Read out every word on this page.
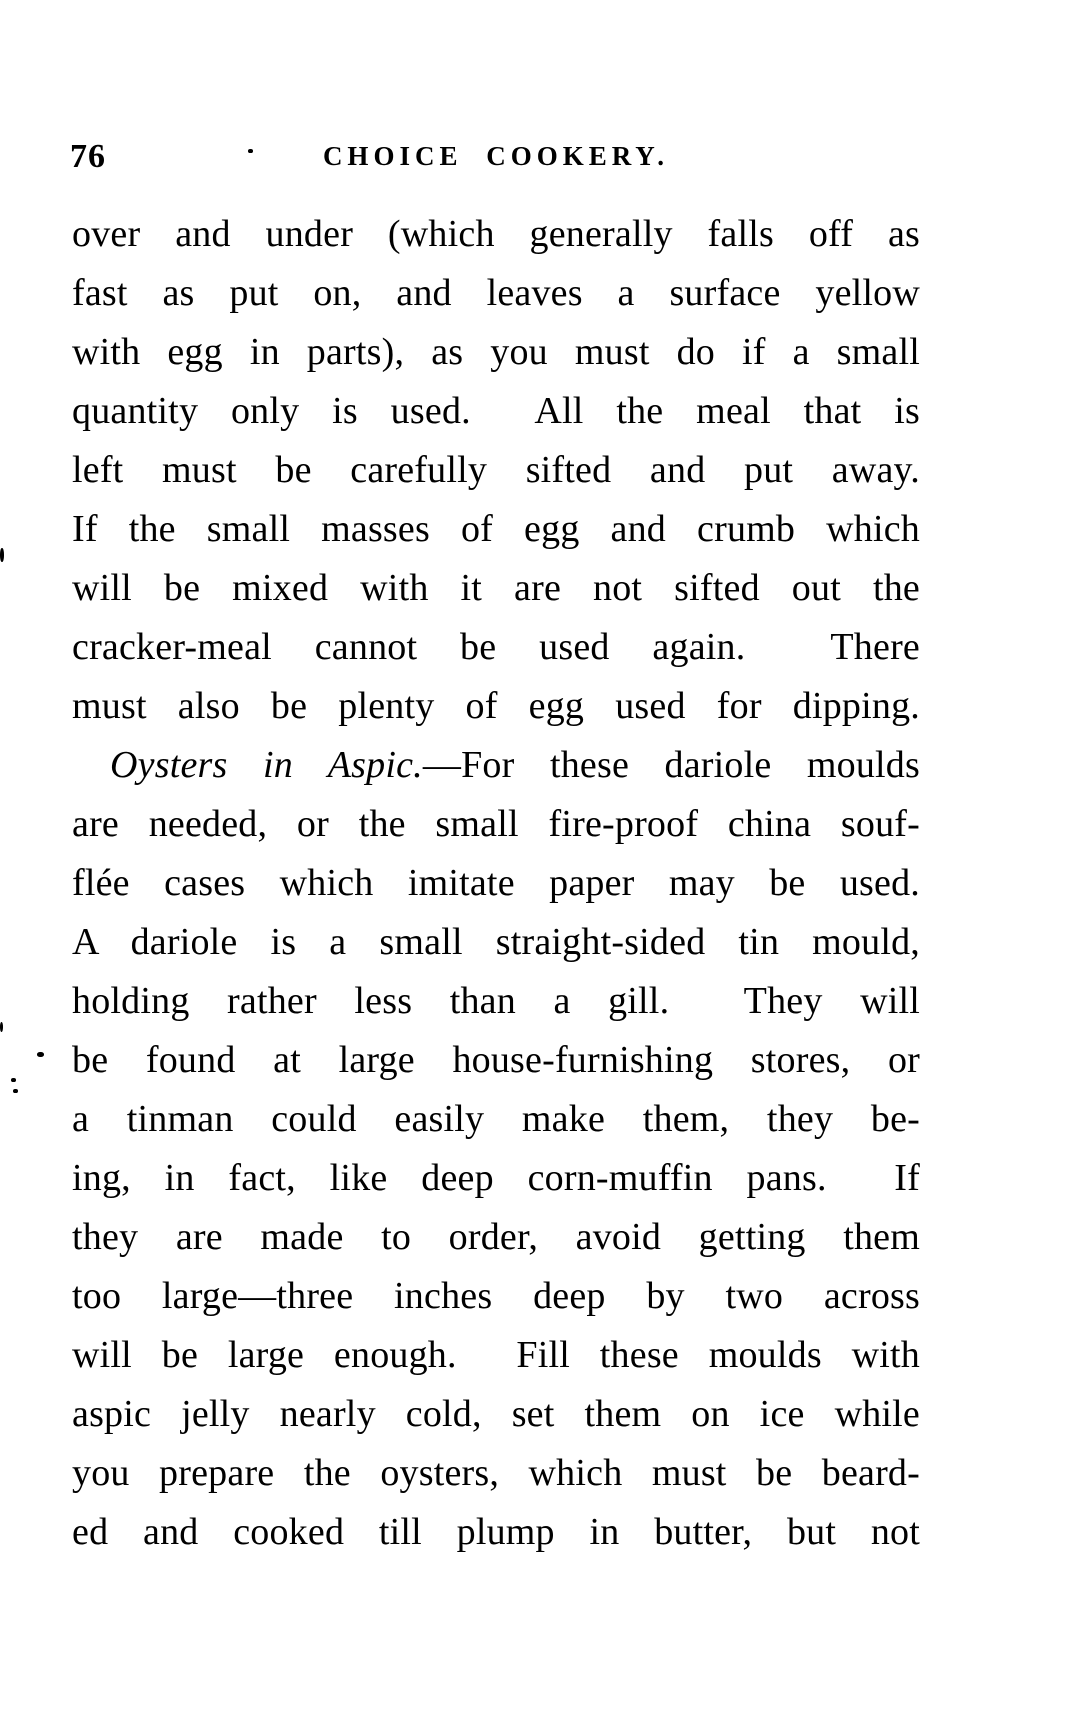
76	CHOICE COOKERY.
over and under (which generally falls off as
fast as put on, and leaves a surface yellow
with egg in parts), as you must do if a small
quantity only is used.  All the meal that is
left must be carefully sifted and put away.
If the small masses of egg and crumb which
will be mixed with it are not sifted out the
cracker-meal cannot be used again.  There
must also be plenty of egg used for dipping.
Oysters in Aspic.—For these dariole moulds
are needed, or the small fire-proof china souf-
flée cases which imitate paper may be used.
A dariole is a small straight-sided tin mould,
holding rather less than a gill.  They will
be found at large house-furnishing stores, or
a tinman could easily make them, they be-
ing, in fact, like deep corn-muffin pans.  If
they are made to order, avoid getting them
too large—three inches deep by two across
will be large enough.  Fill these moulds with
aspic jelly nearly cold, set them on ice while
you prepare the oysters, which must be beard-
ed and cooked till plump in butter, but not
